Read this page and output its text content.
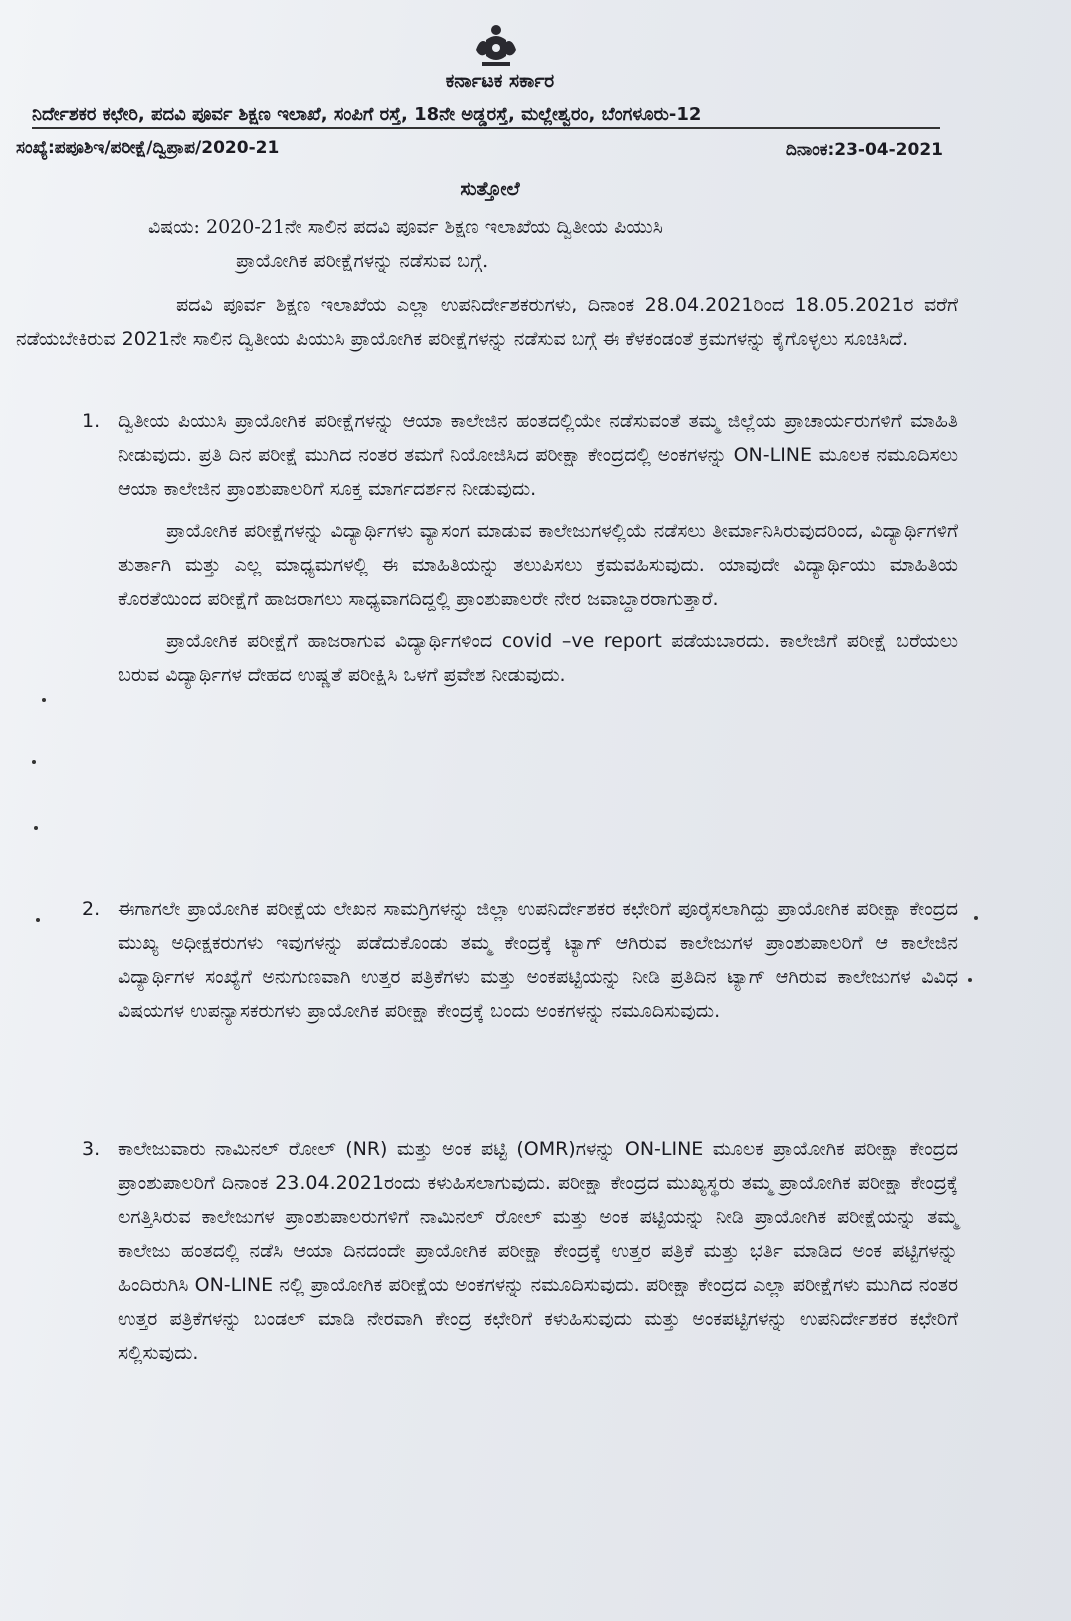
ಕರ್ನಾಟಕ ಸರ್ಕಾರ
ನಿರ್ದೇಶಕರ ಕಛೇರಿ, ಪದವಿ ಪೂರ್ವ ಶಿಕ್ಷಣ ಇಲಾಖೆ, ಸಂಪಿಗೆ ರಸ್ತೆ, 18ನೇ ಅಡ್ಡರಸ್ತೆ, ಮಲ್ಲೇಶ್ವರಂ, ಬೆಂಗಳೂರು-12
ಸಂಖ್ಯೆ:ಪಪೂಶಿಇ/ಪರೀಕ್ಷೆ/ದ್ವಿಪ್ರಾಪ/2020-21	ದಿನಾಂಕ:23-04-2021
ಸುತ್ತೋಲೆ
ವಿಷಯ: 2020-21ನೇ ಸಾಲಿನ ಪದವಿ ಪೂರ್ವ ಶಿಕ್ಷಣ ಇಲಾಖೆಯ ದ್ವಿತೀಯ ಪಿಯುಸಿ
ಪ್ರಾಯೋಗಿಕ ಪರೀಕ್ಷೆಗಳನ್ನು ನಡೆಸುವ ಬಗ್ಗೆ.
ಪದವಿ ಪೂರ್ವ ಶಿಕ್ಷಣ ಇಲಾಖೆಯ ಎಲ್ಲಾ ಉಪನಿರ್ದೇಶಕರುಗಳು, ದಿನಾಂಕ 28.04.2021ರಿಂದ 18.05.2021ರ ವರೆಗೆ ನಡೆಯಬೇಕಿರುವ 2021ನೇ ಸಾಲಿನ ದ್ವಿತೀಯ ಪಿಯುಸಿ ಪ್ರಾಯೋಗಿಕ ಪರೀಕ್ಷೆಗಳನ್ನು ನಡೆಸುವ ಬಗ್ಗೆ ಈ ಕೆಳಕಂಡಂತೆ ಕ್ರಮಗಳನ್ನು ಕೈಗೊಳ್ಳಲು ಸೂಚಿಸಿದೆ.
1. ದ್ವಿತೀಯ ಪಿಯುಸಿ ಪ್ರಾಯೋಗಿಕ ಪರೀಕ್ಷೆಗಳನ್ನು ಆಯಾ ಕಾಲೇಜಿನ ಹಂತದಲ್ಲಿಯೇ ನಡೆಸುವಂತೆ ತಮ್ಮ ಜಿಲ್ಲೆಯ ಪ್ರಾಚಾರ್ಯರುಗಳಿಗೆ ಮಾಹಿತಿ ನೀಡುವುದು. ಪ್ರತಿ ದಿನ ಪರೀಕ್ಷೆ ಮುಗಿದ ನಂತರ ತಮಗೆ ನಿಯೋಜಿಸಿದ ಪರೀಕ್ಷಾ ಕೇಂದ್ರದಲ್ಲಿ ಅಂಕಗಳನ್ನು ON-LINE ಮೂಲಕ ನಮೂದಿಸಲು ಆಯಾ ಕಾಲೇಜಿನ ಪ್ರಾಂಶುಪಾಲರಿಗೆ ಸೂಕ್ತ ಮಾರ್ಗದರ್ಶನ ನೀಡುವುದು.
ಪ್ರಾಯೋಗಿಕ ಪರೀಕ್ಷೆಗಳನ್ನು ವಿದ್ಯಾರ್ಥಿಗಳು ವ್ಯಾಸಂಗ ಮಾಡುವ ಕಾಲೇಜುಗಳಲ್ಲಿಯೆ ನಡೆಸಲು ತೀರ್ಮಾನಿಸಿರುವುದರಿಂದ, ವಿದ್ಯಾರ್ಥಿಗಳಿಗೆ ತುರ್ತಾಗಿ ಮತ್ತು ಎಲ್ಲ ಮಾಧ್ಯಮಗಳಲ್ಲಿ ಈ ಮಾಹಿತಿಯನ್ನು ತಲುಪಿಸಲು ಕ್ರಮವಹಿಸುವುದು. ಯಾವುದೇ ವಿದ್ಯಾರ್ಥಿಯು ಮಾಹಿತಿಯ ಕೊರತೆಯಿಂದ ಪರೀಕ್ಷೆಗೆ ಹಾಜರಾಗಲು ಸಾಧ್ಯವಾಗದಿದ್ದಲ್ಲಿ ಪ್ರಾಂಶುಪಾಲರೇ ನೇರ ಜವಾಬ್ದಾರರಾಗುತ್ತಾರೆ.
ಪ್ರಾಯೋಗಿಕ ಪರೀಕ್ಷೆಗೆ ಹಾಜರಾಗುವ ವಿದ್ಯಾರ್ಥಿಗಳಿಂದ covid –ve report ಪಡೆಯಬಾರದು. ಕಾಲೇಜಿಗೆ ಪರೀಕ್ಷೆ ಬರೆಯಲು ಬರುವ ವಿದ್ಯಾರ್ಥಿಗಳ ದೇಹದ ಉಷ್ಣತೆ ಪರೀಕ್ಷಿಸಿ ಒಳಗೆ ಪ್ರವೇಶ ನೀಡುವುದು.
2. ಈಗಾಗಲೇ ಪ್ರಾಯೋಗಿಕ ಪರೀಕ್ಷೆಯ ಲೇಖನ ಸಾಮಗ್ರಿಗಳನ್ನು ಜಿಲ್ಲಾ ಉಪನಿರ್ದೇಶಕರ ಕಛೇರಿಗೆ ಪೂರೈಸಲಾಗಿದ್ದು ಪ್ರಾಯೋಗಿಕ ಪರೀಕ್ಷಾ ಕೇಂದ್ರದ ಮುಖ್ಯ ಅಧೀಕ್ಷಕರುಗಳು ಇವುಗಳನ್ನು ಪಡೆದುಕೊಂಡು ತಮ್ಮ ಕೇಂದ್ರಕ್ಕೆ ಟ್ಯಾಗ್ ಆಗಿರುವ ಕಾಲೇಜುಗಳ ಪ್ರಾಂಶುಪಾಲರಿಗೆ ಆ ಕಾಲೇಜಿನ ವಿದ್ಯಾರ್ಥಿಗಳ ಸಂಖ್ಯೆಗೆ ಅನುಗುಣವಾಗಿ ಉತ್ತರ ಪತ್ರಿಕೆಗಳು ಮತ್ತು ಅಂಕಪಟ್ಟಿಯನ್ನು ನೀಡಿ ಪ್ರತಿದಿನ ಟ್ಯಾಗ್ ಆಗಿರುವ ಕಾಲೇಜುಗಳ ವಿವಿಧ ವಿಷಯಗಳ ಉಪನ್ಯಾಸಕರುಗಳು ಪ್ರಾಯೋಗಿಕ ಪರೀಕ್ಷಾ ಕೇಂದ್ರಕ್ಕೆ ಬಂದು ಅಂಕಗಳನ್ನು ನಮೂದಿಸುವುದು.
3. ಕಾಲೇಜುವಾರು ನಾಮಿನಲ್ ರೋಲ್ (NR) ಮತ್ತು ಅಂಕ ಪಟ್ಟಿ (OMR)ಗಳನ್ನು ON-LINE ಮೂಲಕ ಪ್ರಾಯೋಗಿಕ ಪರೀಕ್ಷಾ ಕೇಂದ್ರದ ಪ್ರಾಂಶುಪಾಲರಿಗೆ ದಿನಾಂಕ 23.04.2021ರಂದು ಕಳುಹಿಸಲಾಗುವುದು. ಪರೀಕ್ಷಾ ಕೇಂದ್ರದ ಮುಖ್ಯಸ್ಥರು ತಮ್ಮ ಪ್ರಾಯೋಗಿಕ ಪರೀಕ್ಷಾ ಕೇಂದ್ರಕ್ಕೆ ಲಗತ್ತಿಸಿರುವ ಕಾಲೇಜುಗಳ ಪ್ರಾಂಶುಪಾಲರುಗಳಿಗೆ ನಾಮಿನಲ್ ರೋಲ್ ಮತ್ತು ಅಂಕ ಪಟ್ಟಿಯನ್ನು ನೀಡಿ ಪ್ರಾಯೋಗಿಕ ಪರೀಕ್ಷೆಯನ್ನು ತಮ್ಮ ಕಾಲೇಜು ಹಂತದಲ್ಲಿ ನಡೆಸಿ ಆಯಾ ದಿನದಂದೇ ಪ್ರಾಯೋಗಿಕ ಪರೀಕ್ಷಾ ಕೇಂದ್ರಕ್ಕೆ ಉತ್ತರ ಪತ್ರಿಕೆ ಮತ್ತು ಭರ್ತಿ ಮಾಡಿದ ಅಂಕ ಪಟ್ಟಿಗಳನ್ನು ಹಿಂದಿರುಗಿಸಿ ON-LINE ನಲ್ಲಿ ಪ್ರಾಯೋಗಿಕ ಪರೀಕ್ಷೆಯ ಅಂಕಗಳನ್ನು ನಮೂದಿಸುವುದು. ಪರೀಕ್ಷಾ ಕೇಂದ್ರದ ಎಲ್ಲಾ ಪರೀಕ್ಷೆಗಳು ಮುಗಿದ ನಂತರ ಉತ್ತರ ಪತ್ರಿಕೆಗಳನ್ನು ಬಂಡಲ್ ಮಾಡಿ ನೇರವಾಗಿ ಕೇಂದ್ರ ಕಛೇರಿಗೆ ಕಳುಹಿಸುವುದು ಮತ್ತು ಅಂಕಪಟ್ಟಿಗಳನ್ನು ಉಪನಿರ್ದೇಶಕರ ಕಛೇರಿಗೆ ಸಲ್ಲಿಸುವುದು.
